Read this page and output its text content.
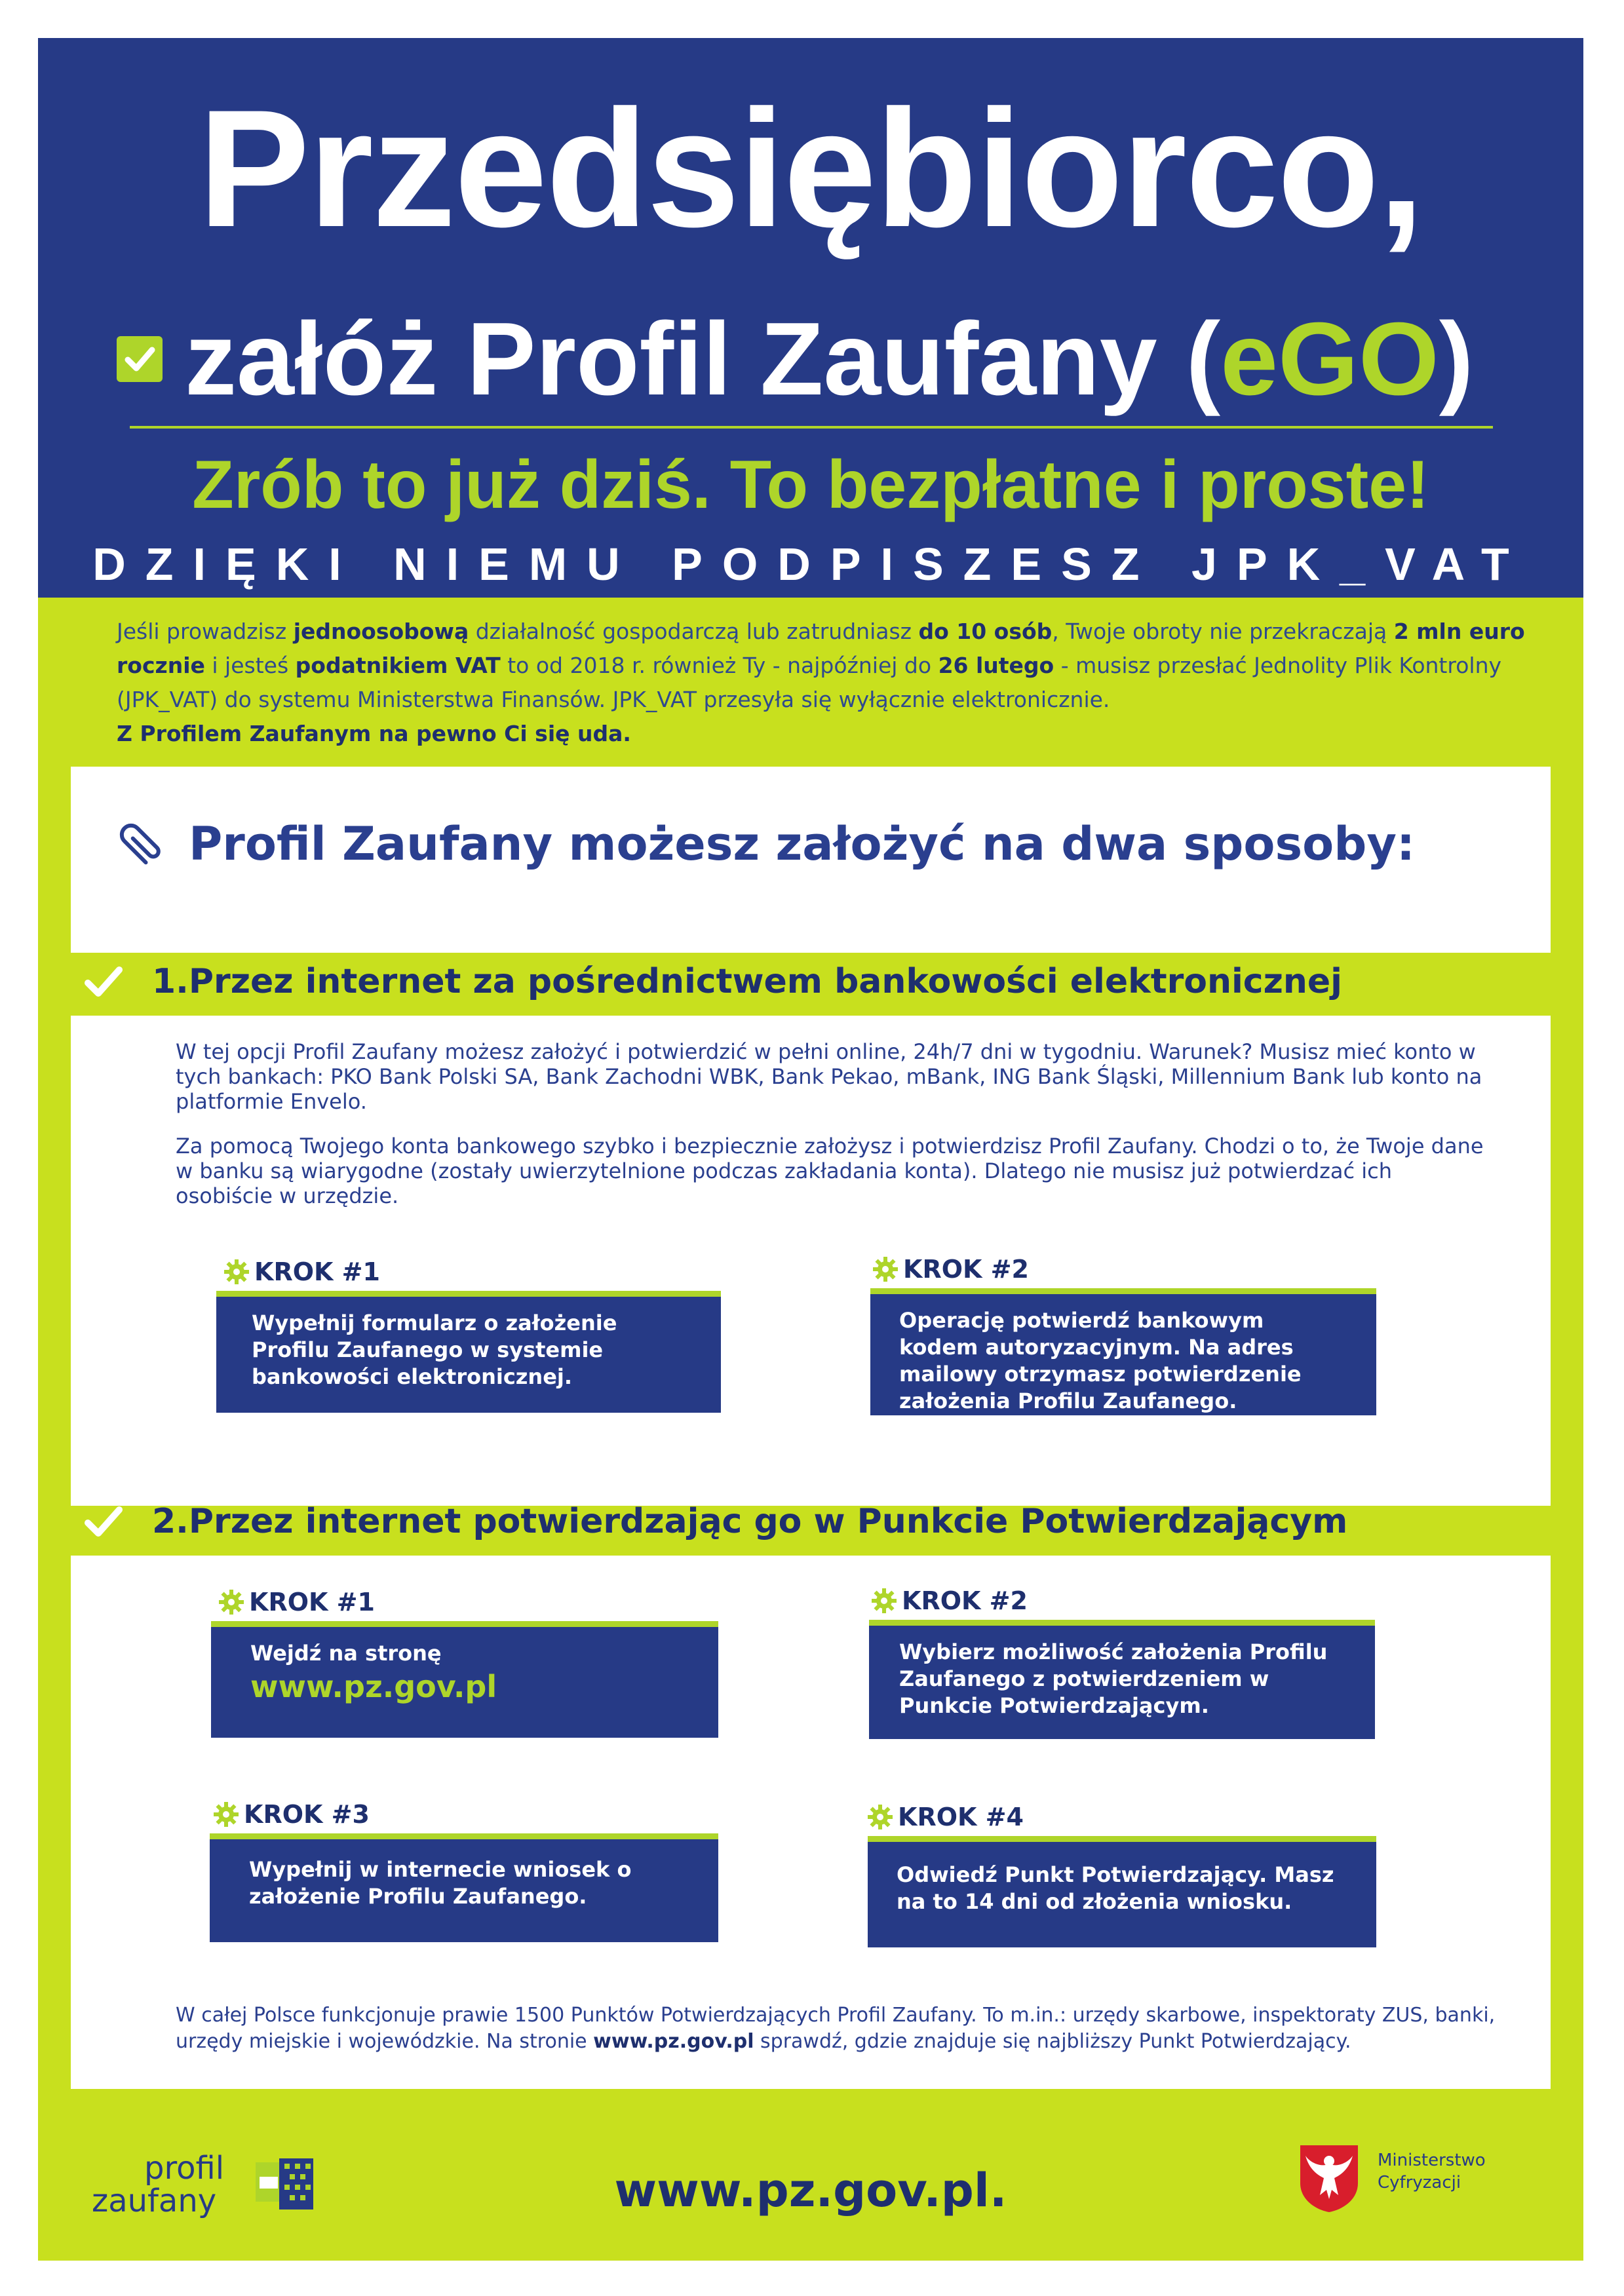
Przedsiębiorco,
załóż Profil Zaufany ( eGO )
Zrób to już dziś. To bezpłatne i proste!
DZIĘKI NIEMU PODPISZESZ JPK_VAT
Jeśli prowadzisz jednoosobową działalność gospodarczą lub zatrudniasz do 10 osób, Twoje obroty nie przekraczają 2 mln euro rocznie i jesteś podatnikiem VAT to od 2018 r. również Ty - najpóźniej do 26 lutego - musisz przesłać Jednolity Plik Kontrolny (JPK_VAT) do systemu Ministerstwa Finansów. JPK_VAT przesyła się wyłącznie elektronicznie.
Z Profilem Zaufanym na pewno Ci się uda.
Profil Zaufany możesz założyć na dwa sposoby:
1.Przez internet za pośrednictwem bankowości elektronicznej
W tej opcji Profil Zaufany możesz założyć i potwierdzić w pełni online, 24h/7 dni w tygodniu. Warunek? Musisz mieć konto w tych bankach: PKO Bank Polski SA, Bank Zachodni WBK, Bank Pekao, mBank, ING Bank Śląski, Millennium Bank lub konto na platformie Envelo.
Za pomocą Twojego konta bankowego szybko i bezpiecznie założysz i potwierdzisz Profil Zaufany. Chodzi o to, że Twoje dane w banku są wiarygodne (zostały uwierzytelnione podczas zakładania konta). Dlatego nie musisz już potwierdzać ich osobiście w urzędzie.
KROK #1
Wypełnij formularz o założenie Profilu Zaufanego w systemie bankowości elektronicznej.
KROK #2
Operację potwierdź bankowym kodem autoryzacyjnym. Na adres mailowy otrzymasz potwierdzenie założenia Profilu Zaufanego.
2.Przez internet potwierdzając go w Punkcie Potwierdzającym
KROK #1
Wejdź na stronę
www.pz.gov.pl
KROK #2
Wybierz możliwość założenia Profilu Zaufanego z potwierdzeniem w Punkcie Potwierdzającym.
KROK #3
Wypełnij w internecie wniosek o założenie Profilu Zaufanego.
KROK #4
Odwiedź Punkt Potwierdzający. Masz na to 14 dni od złożenia wniosku.
W całej Polsce funkcjonuje prawie 1500 Punktów Potwierdzających Profil Zaufany. To m.in.: urzędy skarbowe, inspektoraty ZUS, banki, urzędy miejskie i wojewódzkie. Na stronie www.pz.gov.pl sprawdź, gdzie znajduje się najbliższy Punkt Potwierdzający.
profil
zaufany	www.pz.gov.pl.
Ministerstwo
Cyfryzacji
